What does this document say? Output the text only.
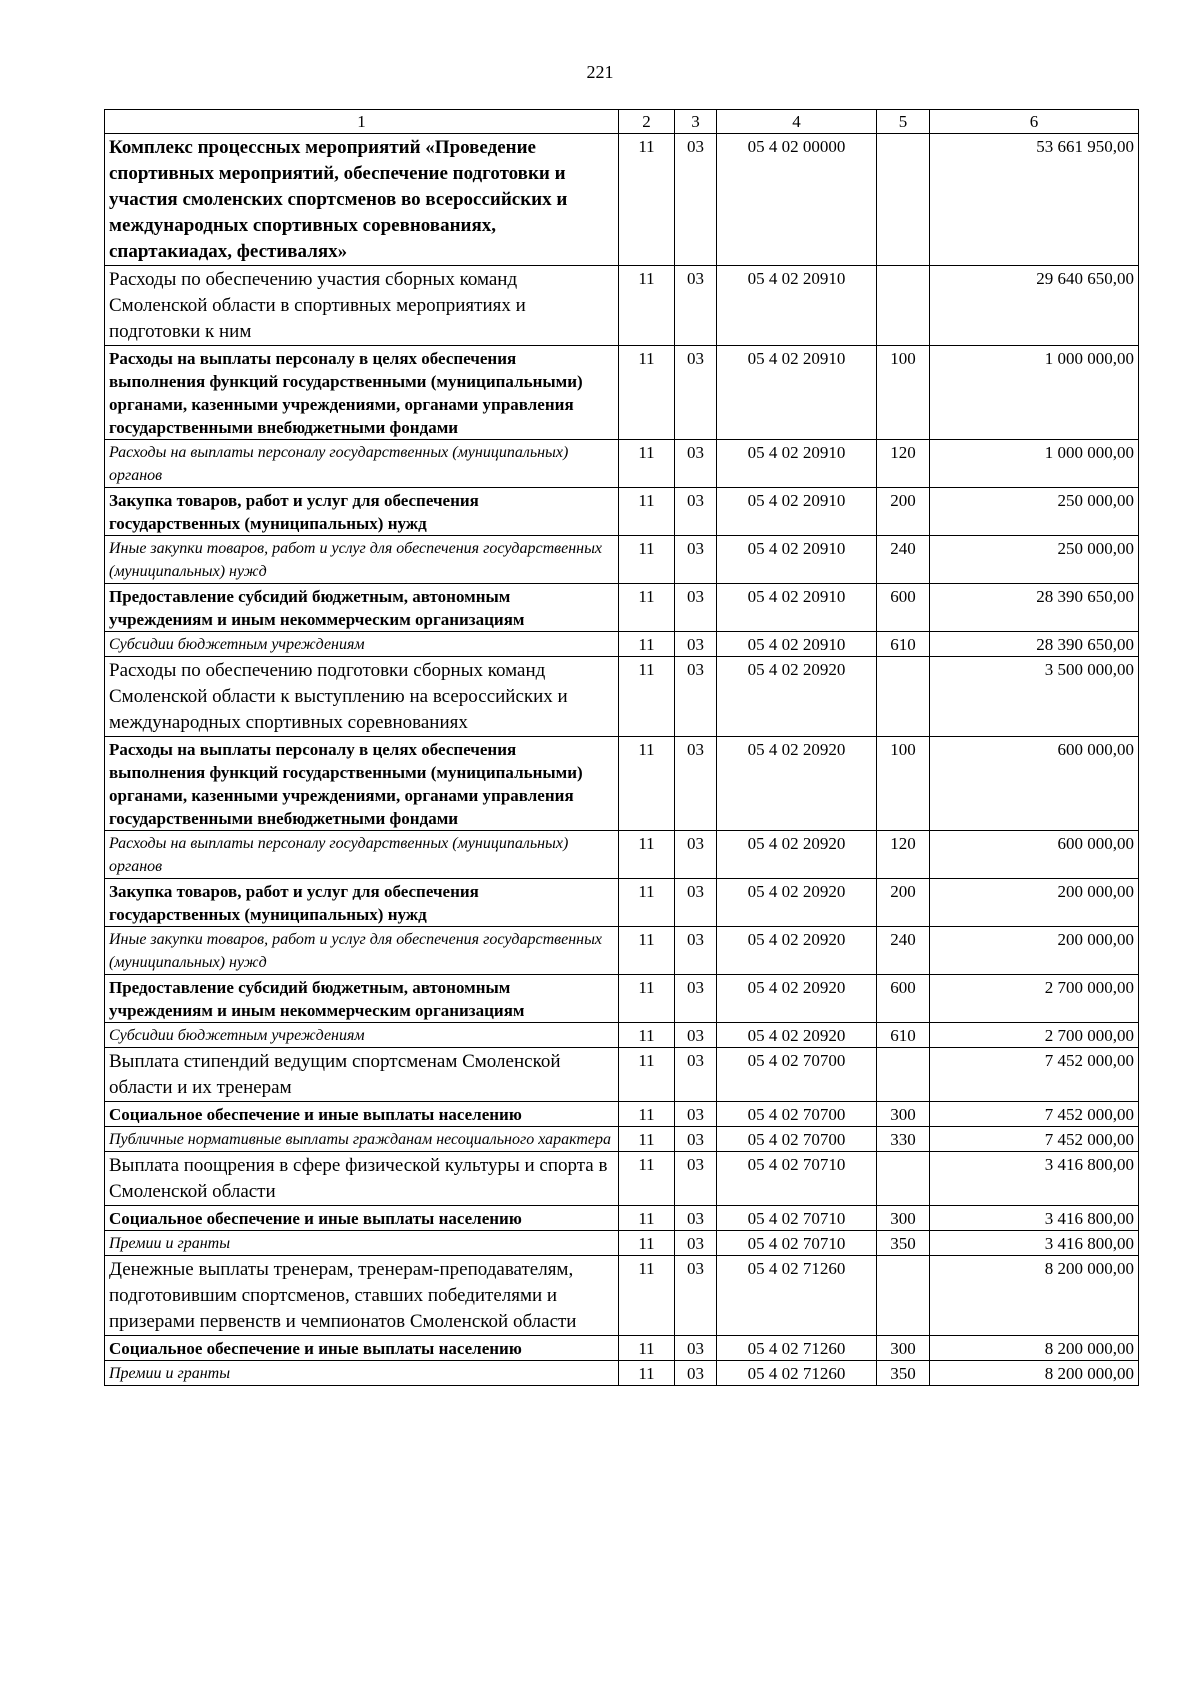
221
1	2	3	4	5	6
Комплекс процессных мероприятий «Проведение спортивных мероприятий, обеспечение подготовки и участия смоленских спортсменов во всероссийских и международных спортивных соревнованиях, спартакиадах, фестивалях»	11	03	05 4 02 00000		53 661 950,00
Расходы по обеспечению участия сборных команд Смоленской области в спортивных мероприятиях и подготовки к ним	11	03	05 4 02 20910		29 640 650,00
Расходы на выплаты персоналу в целях обеспечения выполнения функций государственными (муниципальными) органами, казенными учреждениями, органами управления государственными внебюджетными фондами	11	03	05 4 02 20910	100	1 000 000,00
Расходы на выплаты персоналу государственных (муниципальных) органов	11	03	05 4 02 20910	120	1 000 000,00
Закупка товаров, работ и услуг для обеспечения государственных (муниципальных) нужд	11	03	05 4 02 20910	200	250 000,00
Иные закупки товаров, работ и услуг для обеспечения государственных (муниципальных) нужд	11	03	05 4 02 20910	240	250 000,00
Предоставление субсидий бюджетным, автономным учреждениям и иным некоммерческим организациям	11	03	05 4 02 20910	600	28 390 650,00
Субсидии бюджетным учреждениям	11	03	05 4 02 20910	610	28 390 650,00
Расходы по обеспечению подготовки сборных команд Смоленской области к выступлению на всероссийских и международных спортивных соревнованиях	11	03	05 4 02 20920		3 500 000,00
Расходы на выплаты персоналу в целях обеспечения выполнения функций государственными (муниципальными) органами, казенными учреждениями, органами управления государственными внебюджетными фондами	11	03	05 4 02 20920	100	600 000,00
Расходы на выплаты персоналу государственных (муниципальных) органов	11	03	05 4 02 20920	120	600 000,00
Закупка товаров, работ и услуг для обеспечения государственных (муниципальных) нужд	11	03	05 4 02 20920	200	200 000,00
Иные закупки товаров, работ и услуг для обеспечения государственных (муниципальных) нужд	11	03	05 4 02 20920	240	200 000,00
Предоставление субсидий бюджетным, автономным учреждениям и иным некоммерческим организациям	11	03	05 4 02 20920	600	2 700 000,00
Субсидии бюджетным учреждениям	11	03	05 4 02 20920	610	2 700 000,00
Выплата стипендий ведущим спортсменам Смоленской области и их тренерам	11	03	05 4 02 70700		7 452 000,00
Социальное обеспечение и иные выплаты населению	11	03	05 4 02 70700	300	7 452 000,00
Публичные нормативные выплаты гражданам несоциального характера	11	03	05 4 02 70700	330	7 452 000,00
Выплата поощрения в сфере физической культуры и спорта в Смоленской области	11	03	05 4 02 70710		3 416 800,00
Социальное обеспечение и иные выплаты населению	11	03	05 4 02 70710	300	3 416 800,00
Премии и гранты	11	03	05 4 02 70710	350	3 416 800,00
Денежные выплаты тренерам, тренерам-преподавателям, подготовившим спортсменов, ставших победителями и призерами первенств и чемпионатов Смоленской области	11	03	05 4 02 71260		8 200 000,00
Социальное обеспечение и иные выплаты населению	11	03	05 4 02 71260	300	8 200 000,00
Премии и гранты	11	03	05 4 02 71260	350	8 200 000,00
